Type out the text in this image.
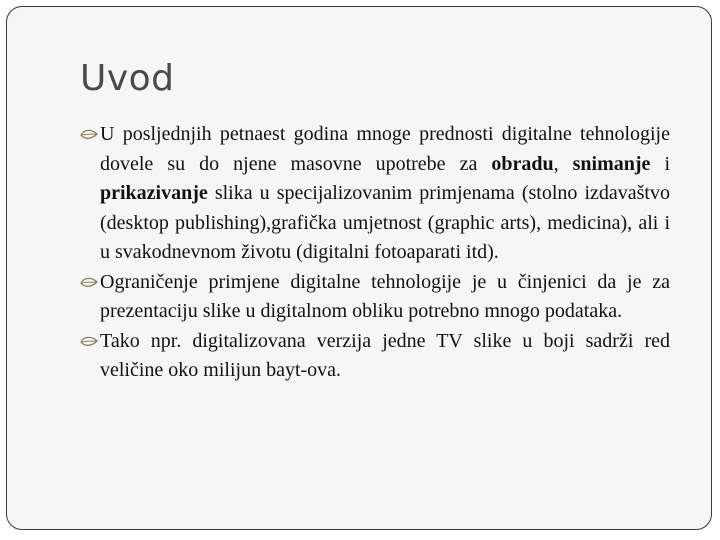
Uvod
U posljednjih petnaest godina mnoge prednosti digitalne tehnologije dovele su do njene masovne upotrebe za obradu, snimanje i prikazivanje slika u specijalizovanim primjenama (stolno izdavaštvo (desktop publishing),grafička umjetnost (graphic arts), medicina), ali i u svakodnevnom životu (digitalni fotoaparati itd).
Ograničenje primjene digitalne tehnologije je u činjenici da je za prezentaciju slike u digitalnom obliku potrebno mnogo podataka.
Tako npr. digitalizovana verzija jedne TV slike u boji sadrži red veličine oko milijun bayt-ova.
